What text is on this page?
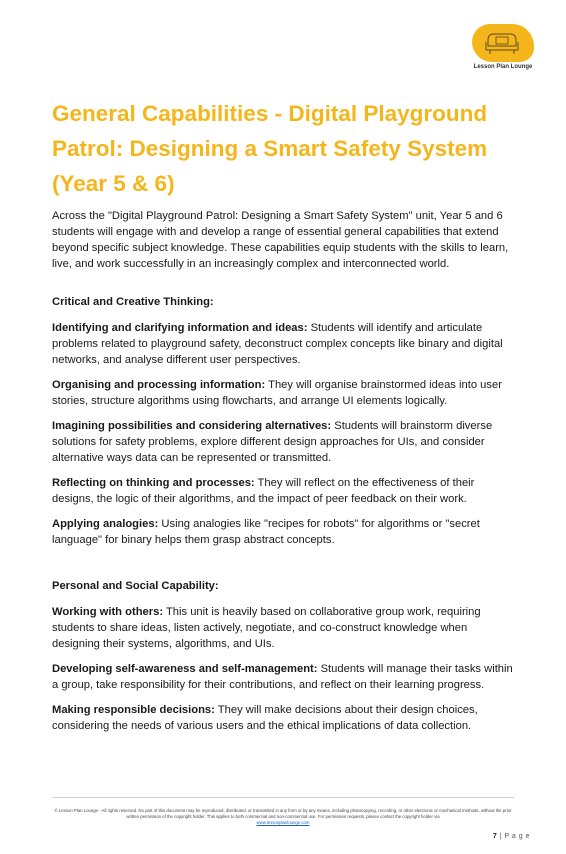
Lesson Plan Lounge
General Capabilities - Digital Playground Patrol: Designing a Smart Safety System (Year 5 & 6)

Across the "Digital Playground Patrol: Designing a Smart Safety System" unit, Year 5 and 6 students will engage with and develop a range of essential general capabilities that extend beyond specific subject knowledge. These capabilities equip students with the skills to learn, live, and work successfully in an increasingly complex and interconnected world.

Critical and Creative Thinking:

Identifying and clarifying information and ideas: Students will identify and articulate problems related to playground safety, deconstruct complex concepts like binary and digital networks, and analyse different user perspectives.

Organising and processing information: They will organise brainstormed ideas into user stories, structure algorithms using flowcharts, and arrange UI elements logically.

Imagining possibilities and considering alternatives: Students will brainstorm diverse solutions for safety problems, explore different design approaches for UIs, and consider alternative ways data can be represented or transmitted.

Reflecting on thinking and processes: They will reflect on the effectiveness of their designs, the logic of their algorithms, and the impact of peer feedback on their work.

Applying analogies: Using analogies like "recipes for robots" for algorithms or "secret language" for binary helps them grasp abstract concepts.

Personal and Social Capability:

Working with others: This unit is heavily based on collaborative group work, requiring students to share ideas, listen actively, negotiate, and co-construct knowledge when designing their systems, algorithms, and UIs.

Developing self-awareness and self-management: Students will manage their tasks within a group, take responsibility for their contributions, and reflect on their learning progress.

Making responsible decisions: They will make decisions about their design choices, considering the needs of various users and the ethical implications of data collection.

© Lesson Plan Lounge - All rights reserved. No part of this document may be reproduced, distributed, or transmitted in any form or by any means, including photocopying, recording, or other electronic or mechanical methods, without the prior written permission of the copyright holder. This applies to both commercial and non-commercial use. For permission requests, please contact the copyright holder via
www.lessonplanlounge.com
7 | P a g e
